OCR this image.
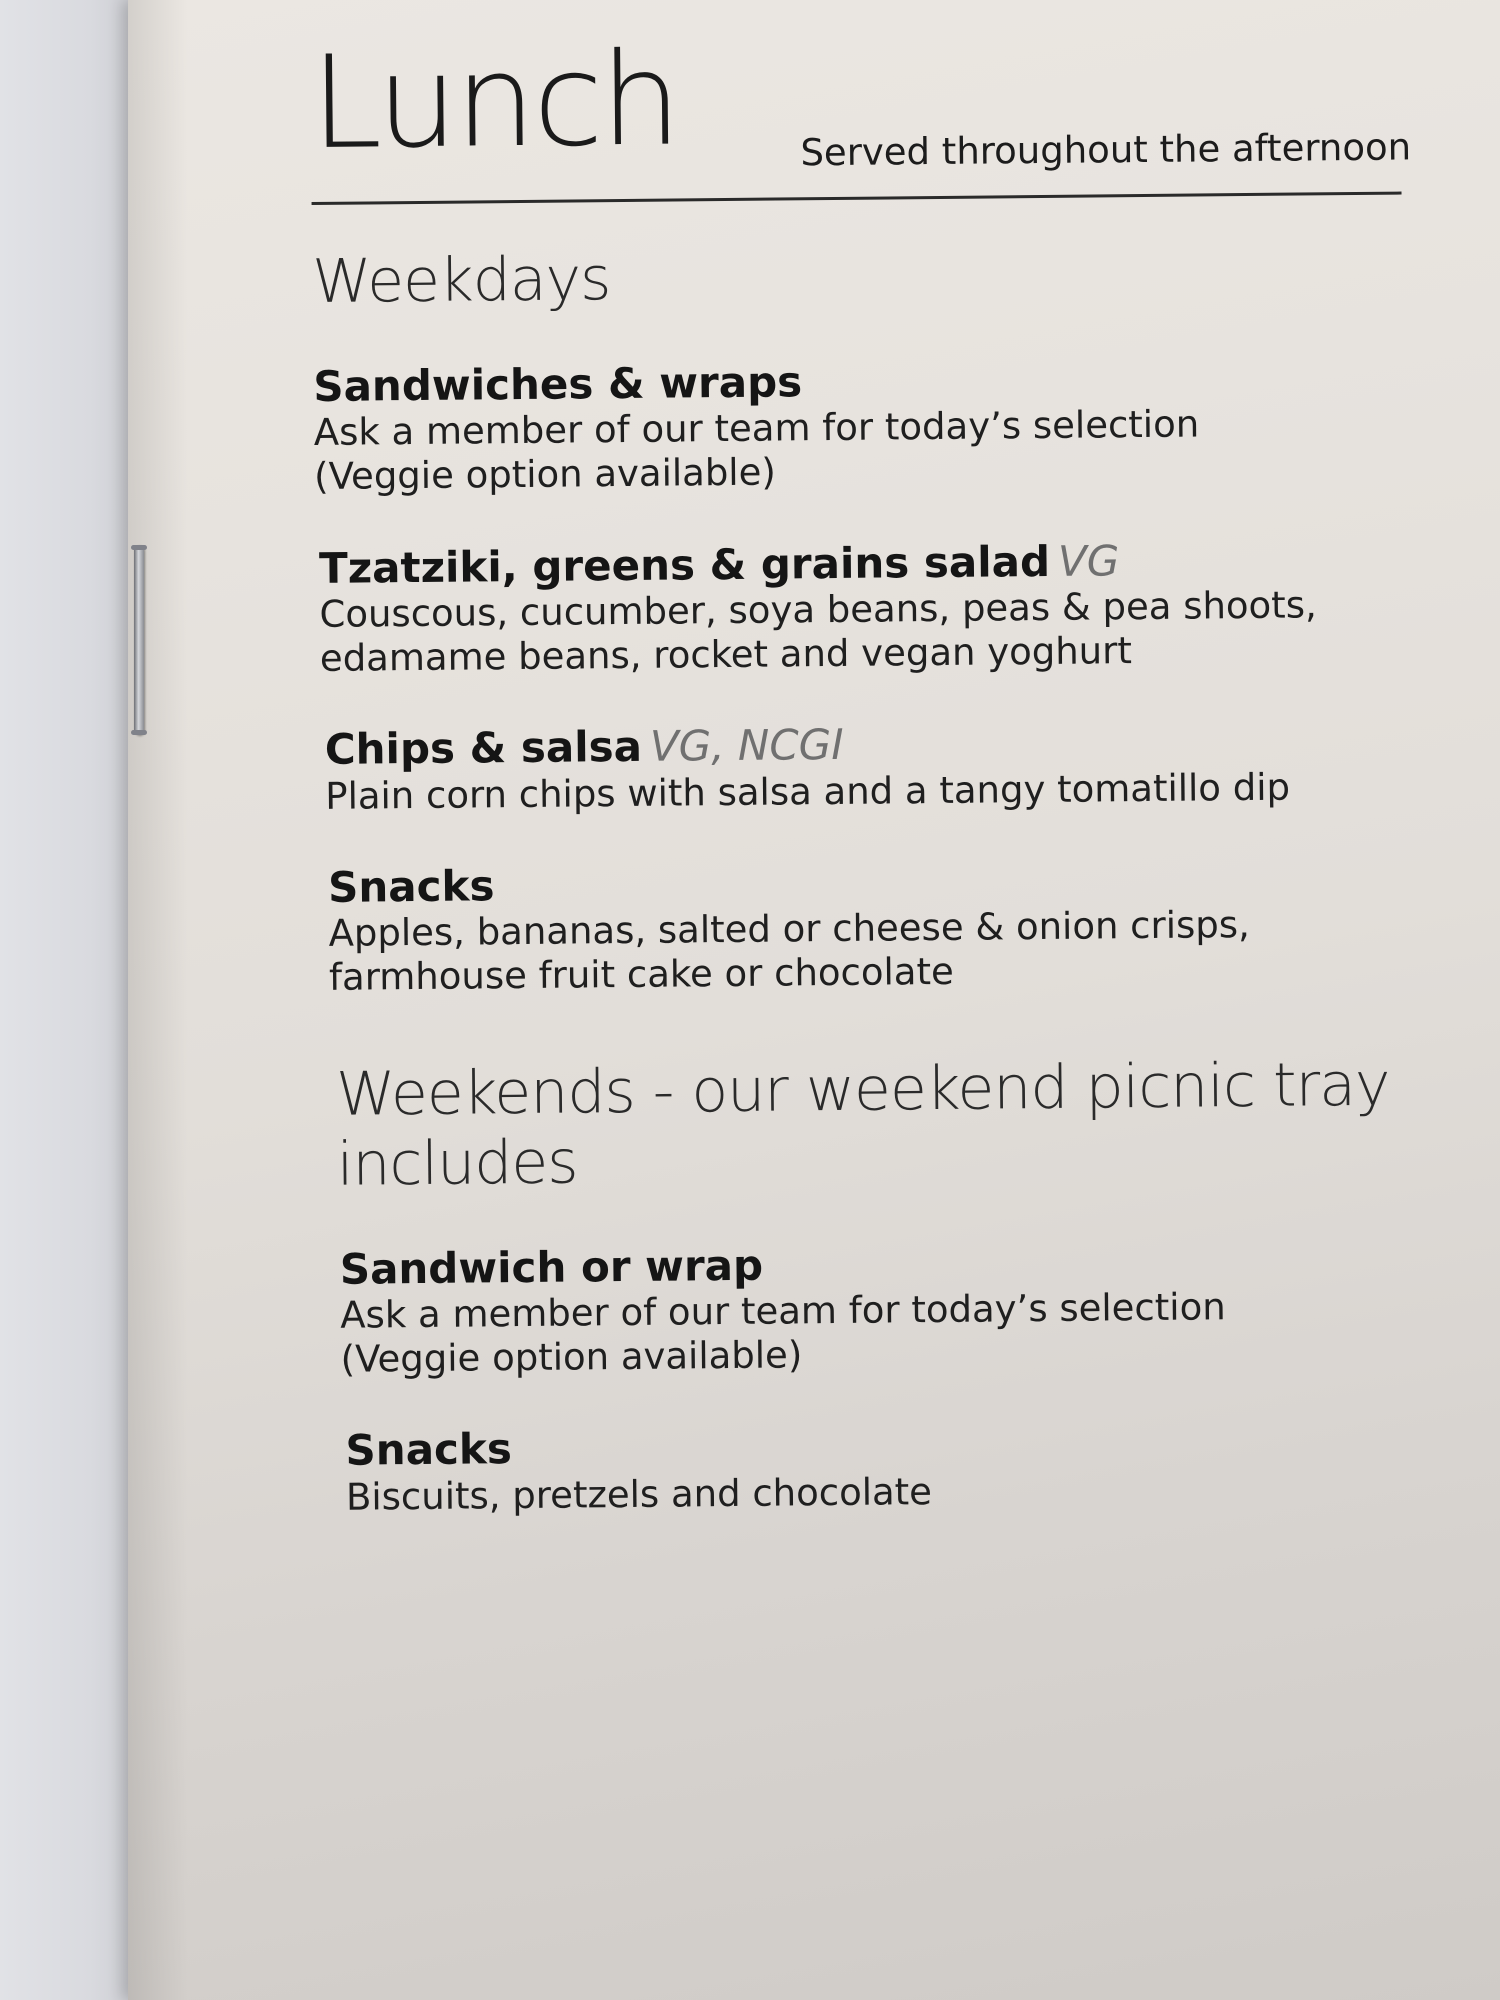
Lunch	Served throughout the afternoon
Weekdays
Sandwiches & wraps
Ask a member of our team for today’s selection
(Veggie option available)
Tzatziki, greens & grains salad VG
Couscous, cucumber, soya beans, peas & pea shoots,
edamame beans, rocket and vegan yoghurt
Chips & salsa VG, NCGI
Plain corn chips with salsa and a tangy tomatillo dip
Snacks
Apples, bananas, salted or cheese & onion crisps,
farmhouse fruit cake or chocolate
Weekends - our weekend picnic tray includes
Sandwich or wrap
Ask a member of our team for today’s selection
(Veggie option available)
Snacks
Biscuits, pretzels and chocolate
